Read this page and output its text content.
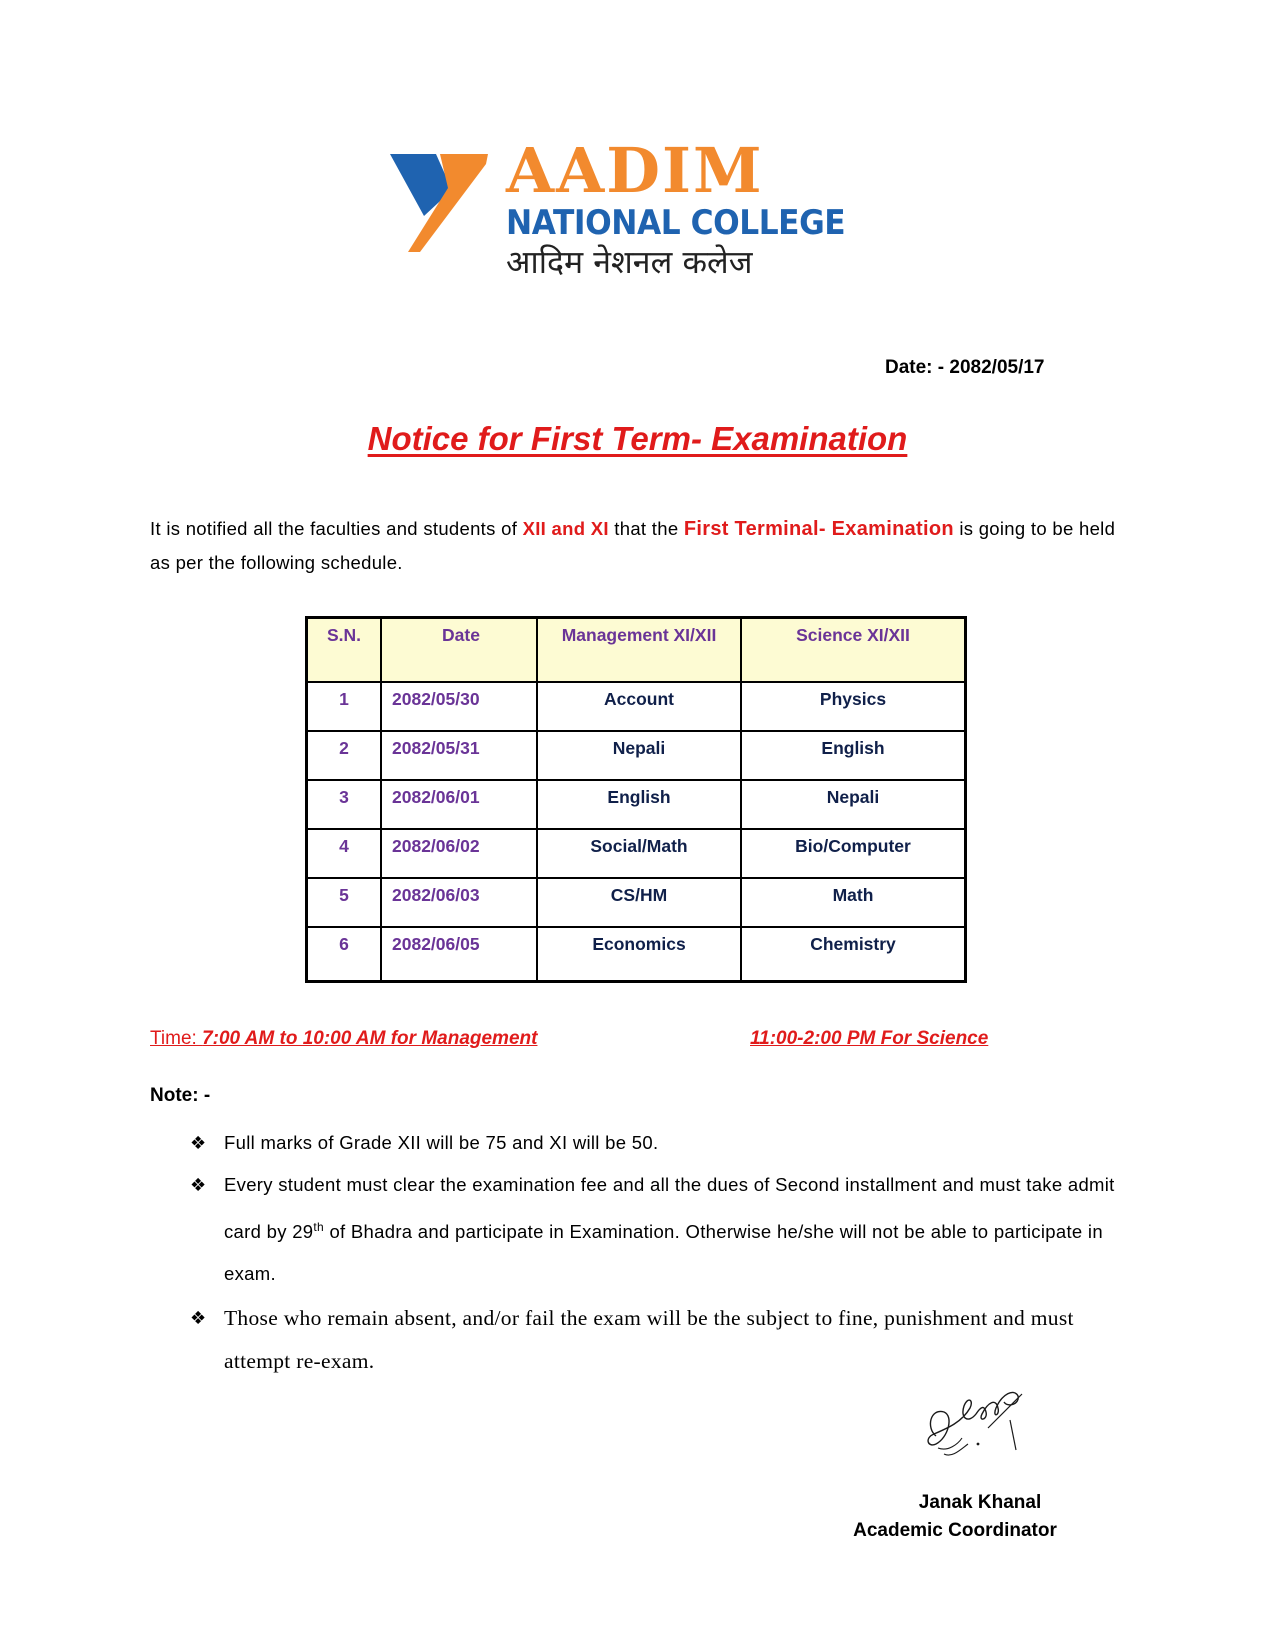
AADIM
NATIONAL COLLEGE
आदिम नेशनल कलेज
Date: - 2082/05/17
Notice for First Term- Examination
It is notified all the faculties and students of XII and XI that the First Terminal- Examination is going to be held as per the following schedule.
S.N.	Date	Management XI/XII	Science XI/XII
1	2082/05/30	Account	Physics
2	2082/05/31	Nepali	English
3	2082/06/01	English	Nepali
4	2082/06/02	Social/Math	Bio/Computer
5	2082/06/03	CS/HM	Math
6	2082/06/05	Economics	Chemistry
Time: 7:00 AM to 10:00 AM for Management	11:00-2:00 PM For Science
Note: -
❖ Full marks of Grade XII will be 75 and XI will be 50.
❖ Every student must clear the examination fee and all the dues of Second installment and must take admit card by 29th of Bhadra and participate in Examination. Otherwise he/she will not be able to participate in exam.
❖ Those who remain absent, and/or fail the exam will be the subject to fine, punishment and must attempt re-exam.
Janak Khanal
Academic Coordinator
